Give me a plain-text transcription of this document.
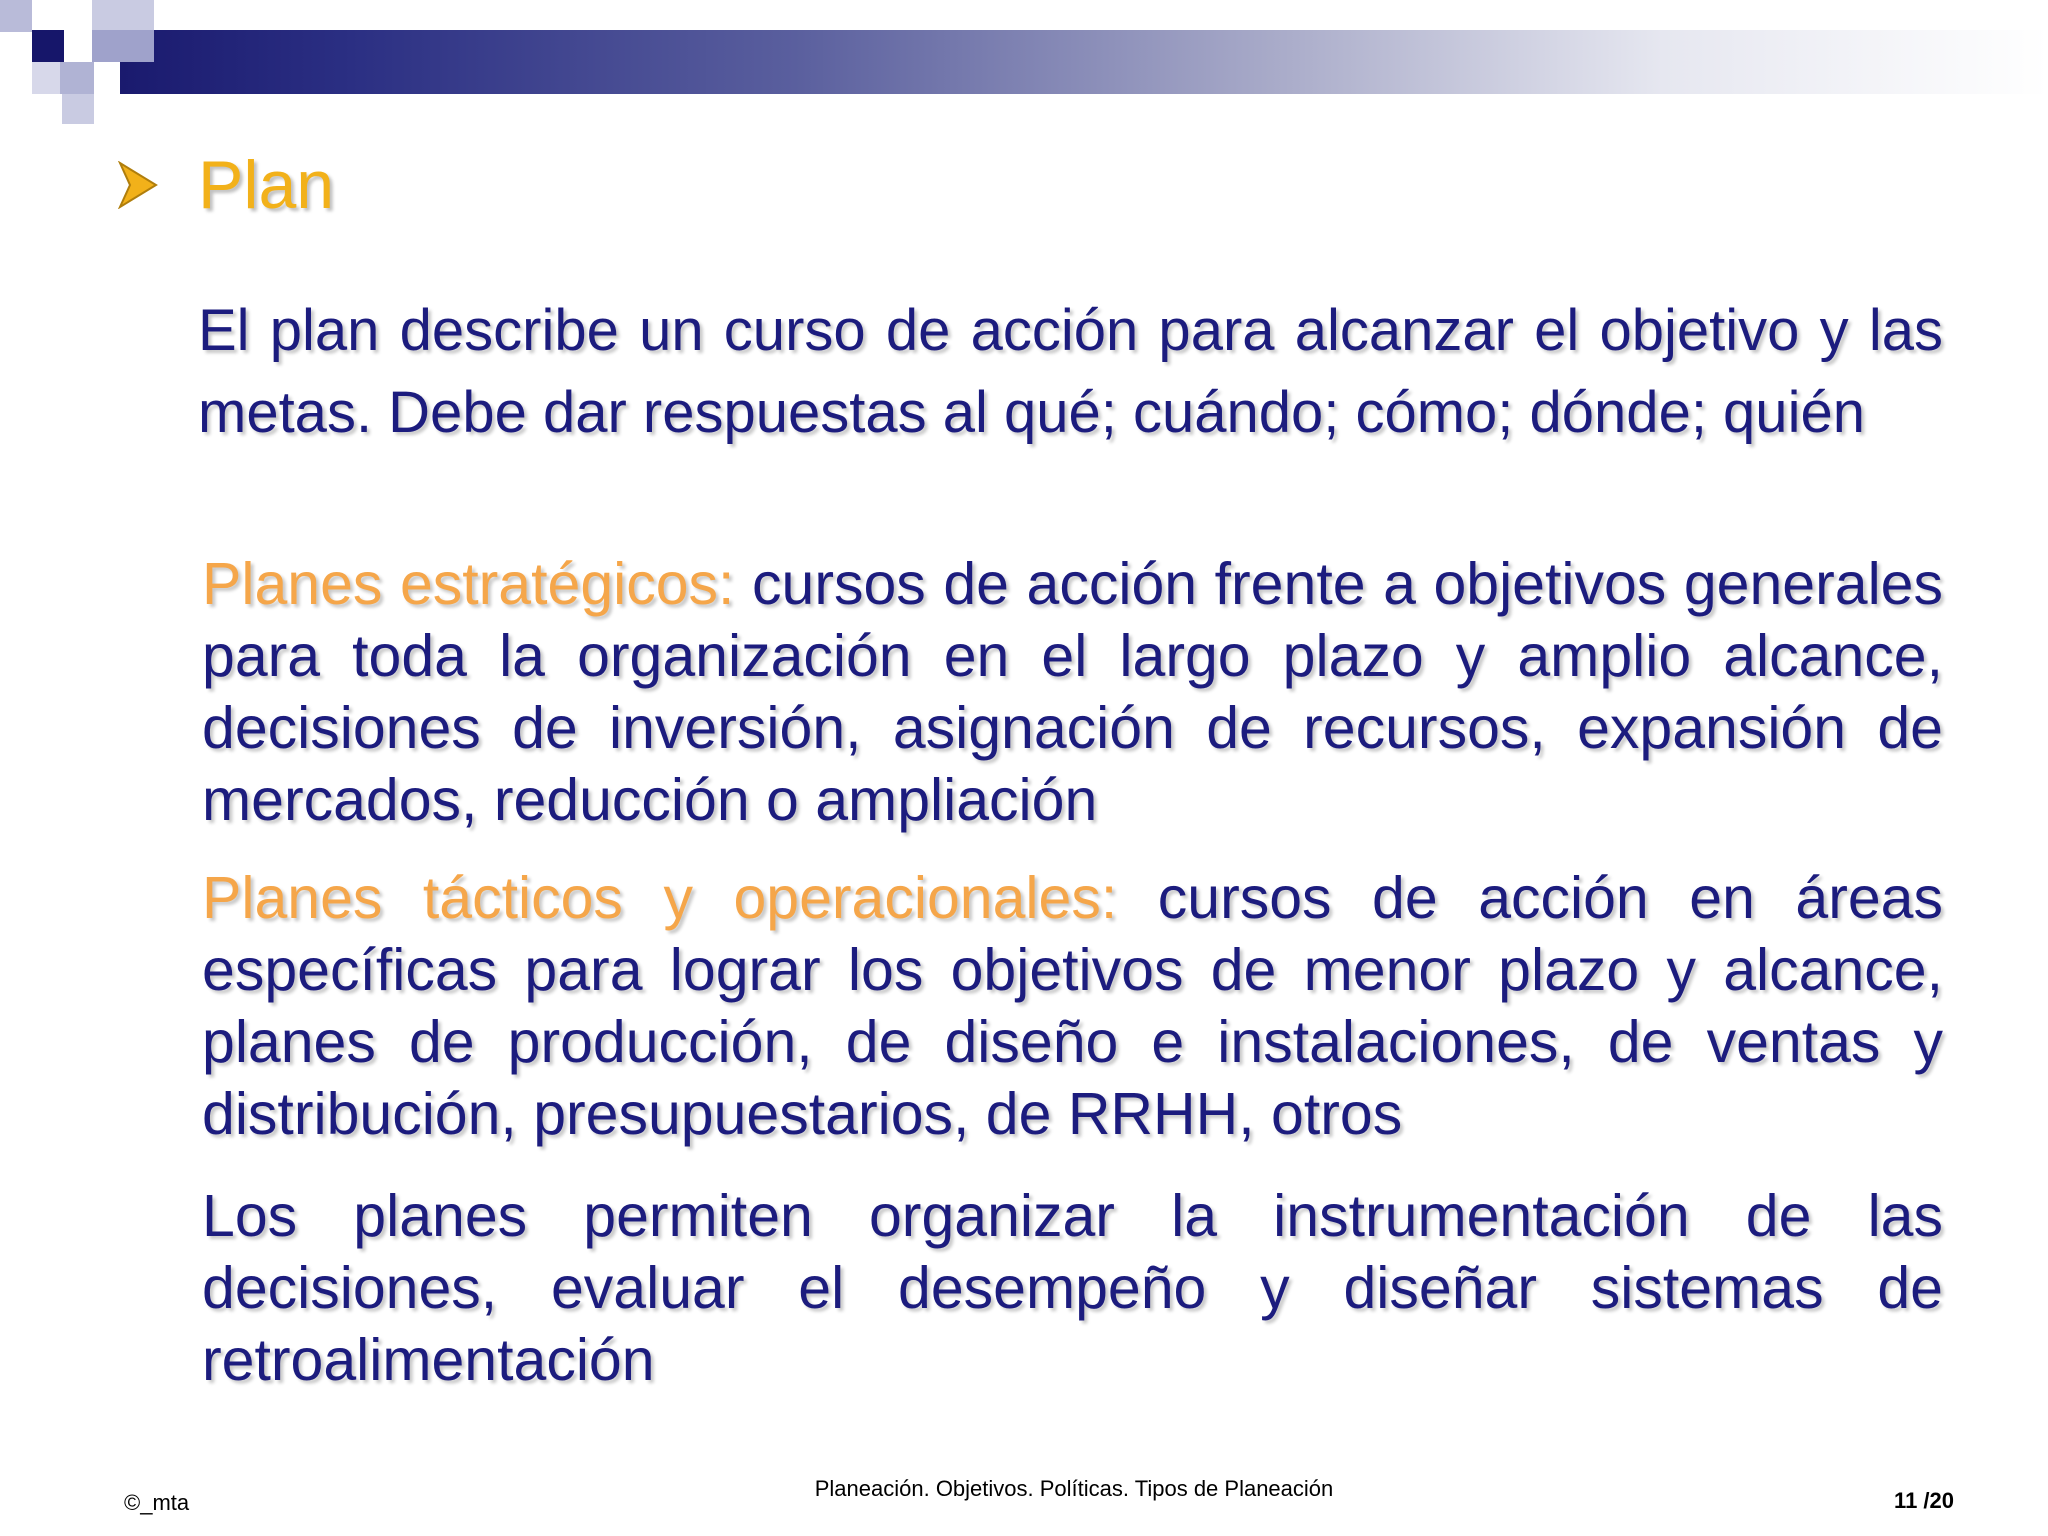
Plan

El plan describe un curso de acción para alcanzar el objetivo y las metas. Debe dar respuestas al qué; cuándo; cómo; dónde; quién

Planes estratégicos: cursos de acción frente a objetivos generales para toda la organización en el largo plazo y amplio alcance, decisiones de inversión, asignación de recursos, expansión de mercados, reducción o ampliación

Planes tácticos y operacionales: cursos de acción en áreas específicas para lograr los objetivos de menor plazo y alcance, planes de producción, de diseño e instalaciones, de ventas y distribución, presupuestarios, de RRHH, otros

Los planes permiten organizar la instrumentación de las decisiones, evaluar el desempeño y diseñar sistemas de retroalimentación

©_mta
Planeación. Objetivos. Políticas. Tipos de Planeación	11 /20
